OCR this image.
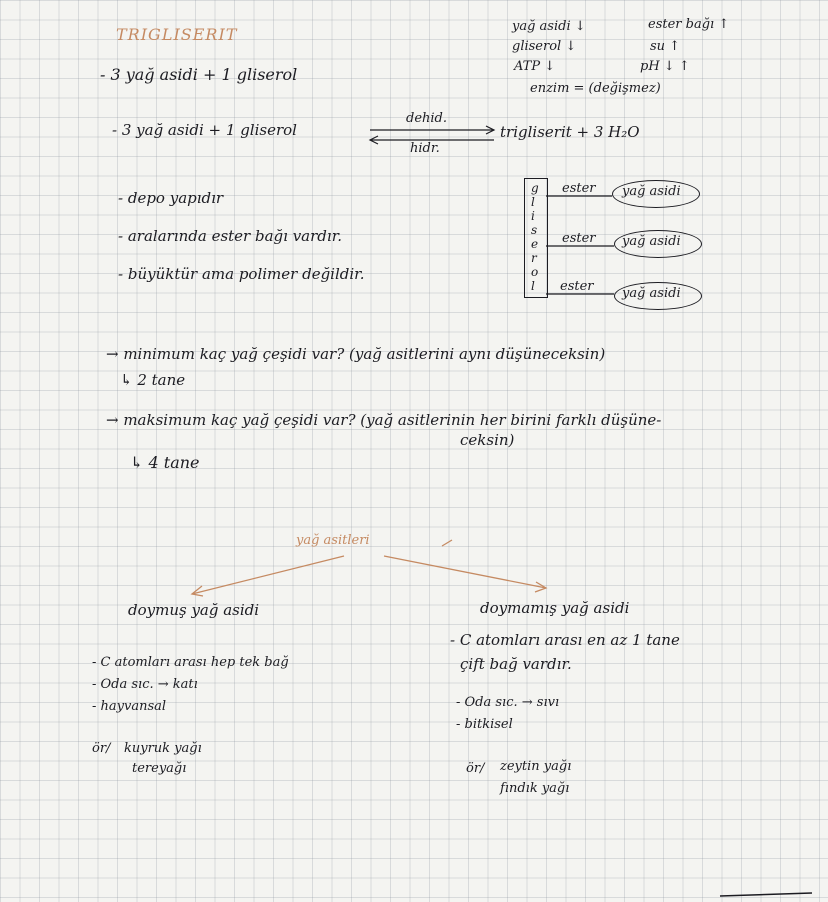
TRIGLISERIT
- 3 yağ asidi + 1 gliserol
yağ asidi ↓
gliserol ↓
ATP ↓
ester bağı ↑
su ↑
pH ↓ ↑
enzim = (değişmez)
- 3 yağ asidi + 1 gliserol
dehid.
hidr.
trigliserit + 3 H₂O
- depo yapıdır
- aralarında ester bağı vardır.
- büyüktür ama polimer değildir.
g
l
i
s
e
r
o
l
ester
ester
ester
yağ asidi
yağ asidi
yağ asidi
→ minimum kaç yağ çeşidi var? (yağ asitlerini aynı düşüneceksin)
↳ 2 tane
→ maksimum kaç yağ çeşidi var? (yağ asitlerinin her birini farklı düşüne-
ceksin)
↳ 4 tane
yağ asitleri
doymuş yağ asidi
- C atomları arası hep tek bağ
- Oda sıc. → katı
- hayvansal
ör/ kuyruk yağı
tereyağı
doymamış yağ asidi
- C atomları arası en az 1 tane
çift bağ vardır.
- Oda sıc. → sıvı
- bitkisel
ör/ zeytin yağı
fındık yağı
